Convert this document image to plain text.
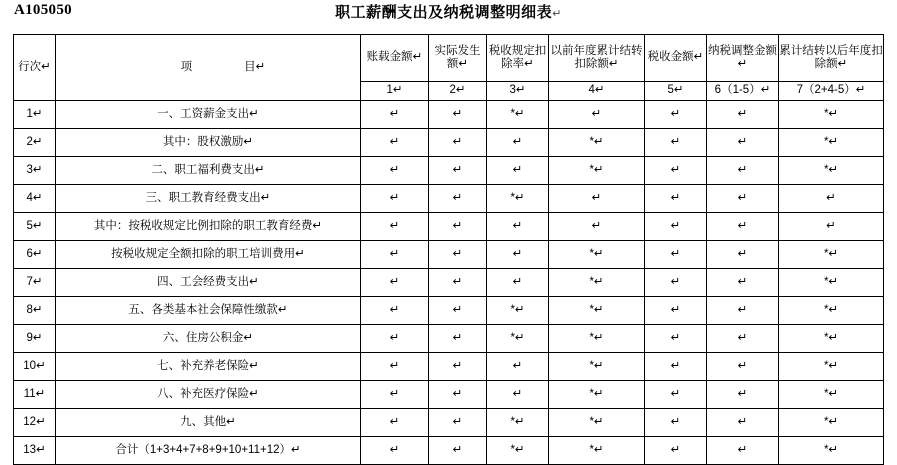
A105050	职工薪酬支出及纳税调整明细表↵
行次↵	项 目↵	账载金额↵	实际发生额↵	税收规定扣除率↵	以前年度累计结转扣除额↵	税收金额↵	纳税调整金额↵	累计结转以后年度扣除额↵
		1↵	2↵	3↵	4↵	5↵	6（1-5）↵	7（2+4-5）↵
1↵	一、工资薪金支出↵	↵	↵	*↵	↵	↵	↵	*↵
2↵	其中：股权激励↵	↵	↵	↵	*↵	↵	↵	*↵
3↵	二、职工福利费支出↵	↵	↵	↵	*↵	↵	↵	*↵
4↵	三、职工教育经费支出↵	↵	↵	*↵	↵	↵	↵	↵
5↵	其中：按税收规定比例扣除的职工教育经费↵	↵	↵	↵	↵	↵	↵	↵
6↵	按税收规定全额扣除的职工培训费用↵	↵	↵	↵	*↵	↵	↵	*↵
7↵	四、工会经费支出↵	↵	↵	↵	*↵	↵	↵	*↵
8↵	五、各类基本社会保障性缴款↵	↵	↵	*↵	*↵	↵	↵	*↵
9↵	六、住房公积金↵	↵	↵	*↵	*↵	↵	↵	*↵
10↵	七、补充养老保险↵	↵	↵	↵	*↵	↵	↵	*↵
11↵	八、补充医疗保险↵	↵	↵	↵	*↵	↵	↵	*↵
12↵	九、其他↵	↵	↵	*↵	*↵	↵	↵	*↵
13↵	合计（1+3+4+7+8+9+10+11+12）↵	↵	↵	*↵	*↵	↵	↵	*↵
